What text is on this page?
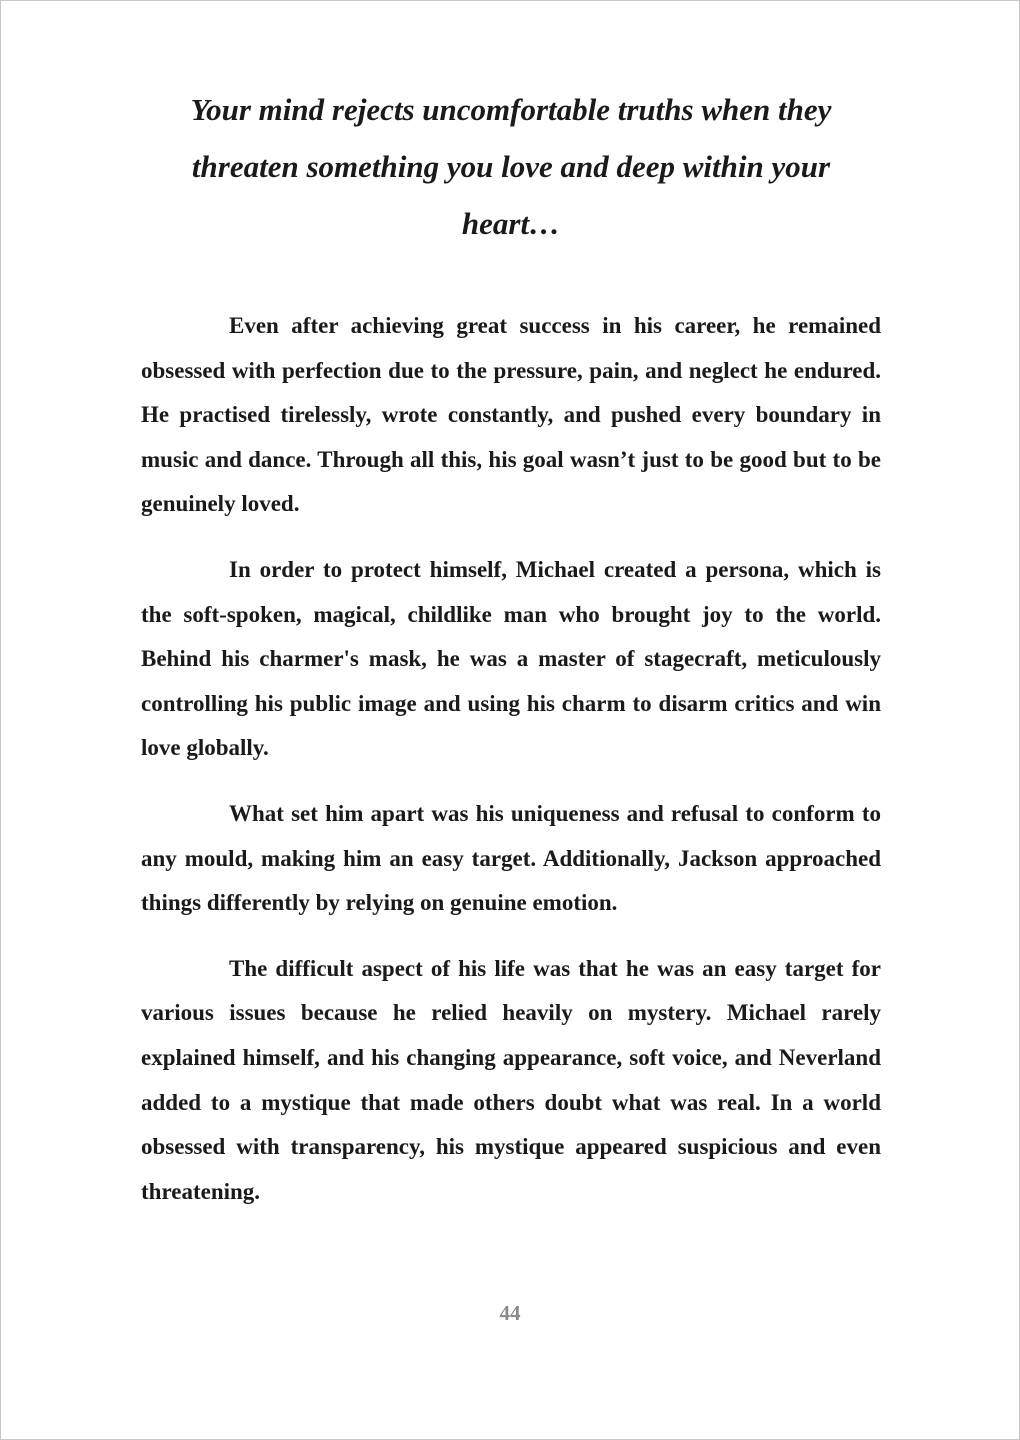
Your mind rejects uncomfortable truths when they threaten something you love and deep within your heart…

Even after achieving great success in his career, he remained obsessed with perfection due to the pressure, pain, and neglect he endured. He practised tirelessly, wrote constantly, and pushed every boundary in music and dance. Through all this, his goal wasn’t just to be good but to be genuinely loved.

In order to protect himself, Michael created a persona, which is the soft-spoken, magical, childlike man who brought joy to the world. Behind his charmer's mask, he was a master of stagecraft, meticulously controlling his public image and using his charm to disarm critics and win love globally.

What set him apart was his uniqueness and refusal to conform to any mould, making him an easy target. Additionally, Jackson approached things differently by relying on genuine emotion.

The difficult aspect of his life was that he was an easy target for various issues because he relied heavily on mystery. Michael rarely explained himself, and his changing appearance, soft voice, and Neverland added to a mystique that made others doubt what was real. In a world obsessed with transparency, his mystique appeared suspicious and even threatening.

44
